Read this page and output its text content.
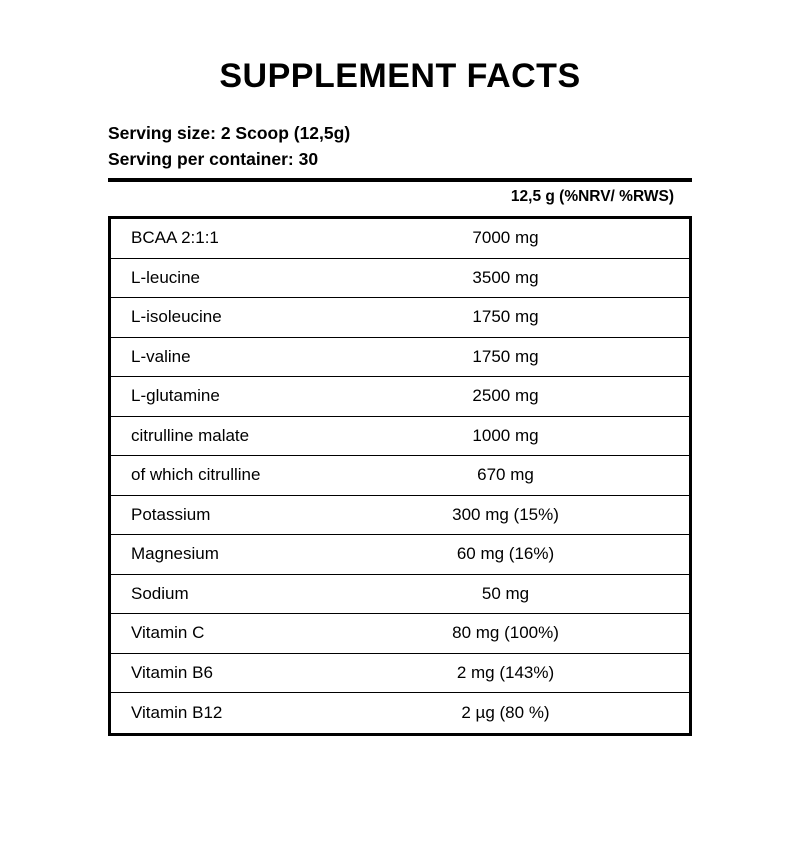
SUPPLEMENT FACTS
Serving size: 2 Scoop (12,5g)
Serving per container: 30
12,5 g (%NRV/ %RWS)
BCAA 2:1:1	7000 mg
L-leucine	3500 mg
L-isoleucine	1750 mg
L-valine	1750 mg
L-glutamine	2500 mg
citrulline malate	1000 mg
of which citrulline	670 mg
Potassium	300 mg (15%)
Magnesium	60 mg (16%)
Sodium	50 mg
Vitamin C	80 mg (100%)
Vitamin B6	2 mg (143%)
Vitamin B12	2 µg (80 %)
